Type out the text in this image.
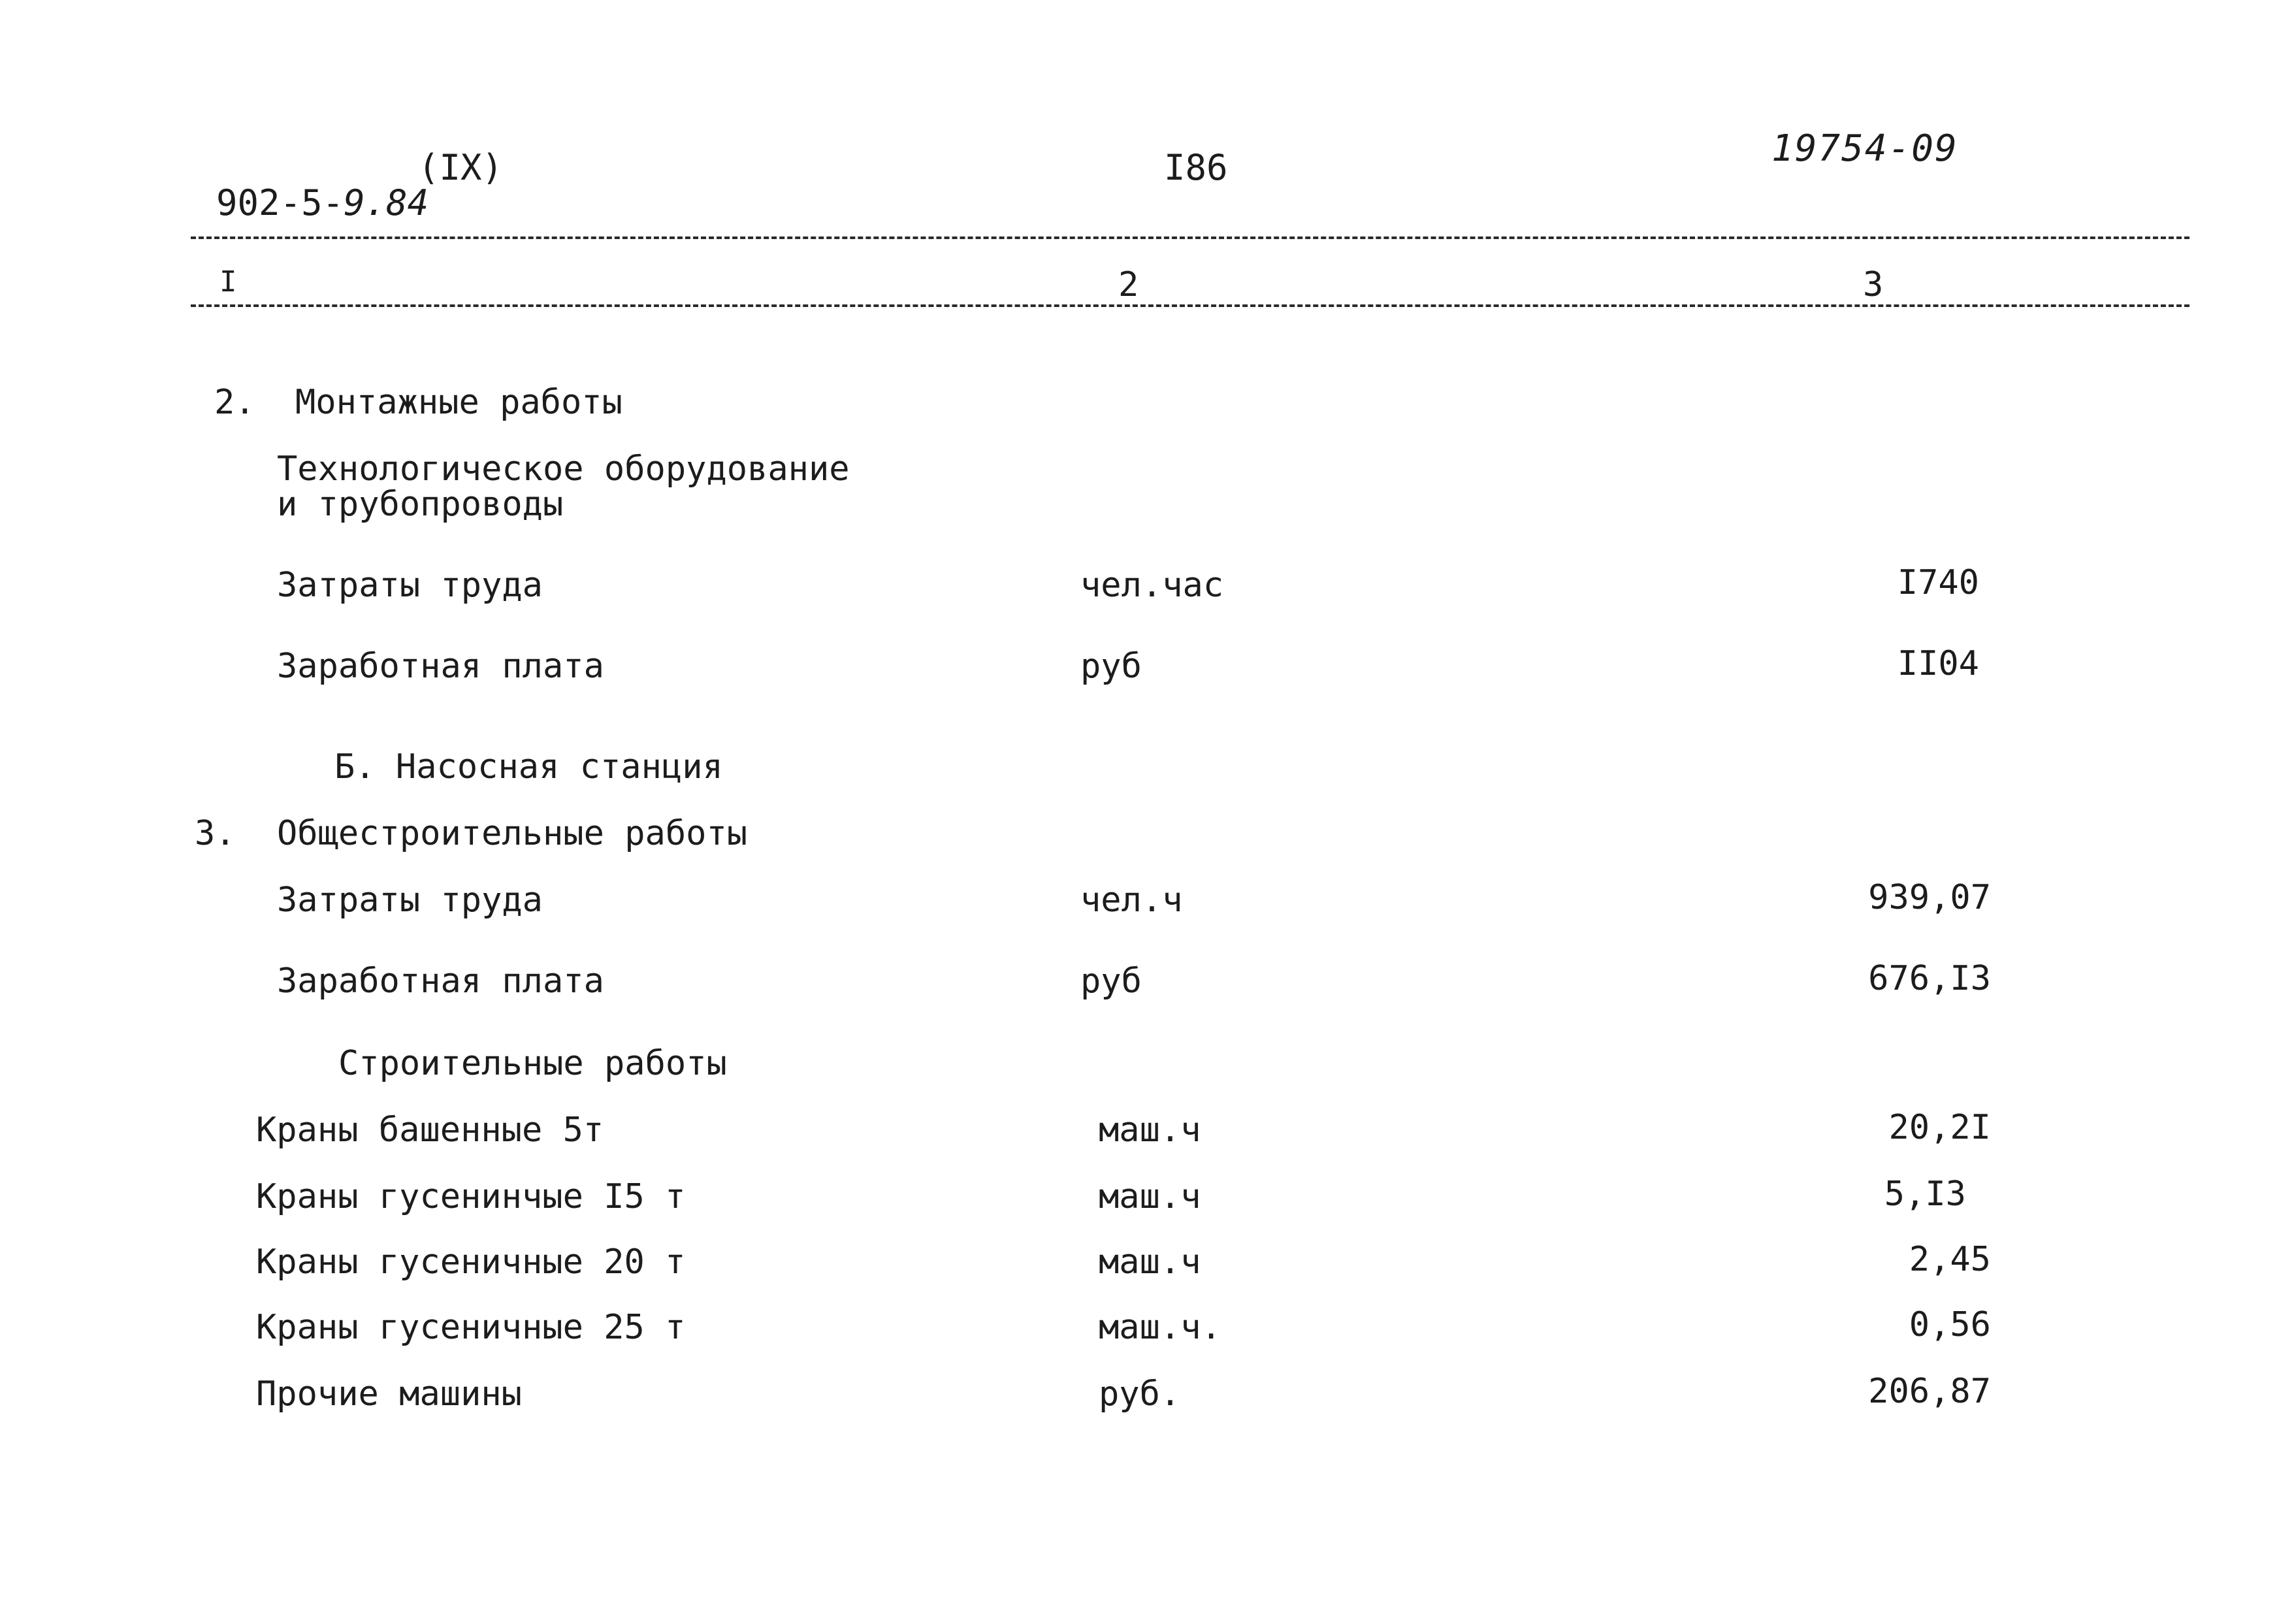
902-5-9.84

(IX)	I86	19754-09
I	2	3
2. Монтажные работы
Технологическое оборудование
и трубопроводы
Затраты труда	чел.час	I740
Заработная плата	руб	II04
Б. Насосная станция
3. Общестроительные работы
Затраты труда	чел.ч	939,07
Заработная плата	руб	676,I3
Строительные работы
Краны башенные 5т	маш.ч	20,2I
Краны гусенинчые I5 т	маш.ч	5,I3
Краны гусеничные 20 т	маш.ч	2,45
Краны гусеничные 25 т	маш.ч.	0,56
Прочие машины	руб.	206,87
